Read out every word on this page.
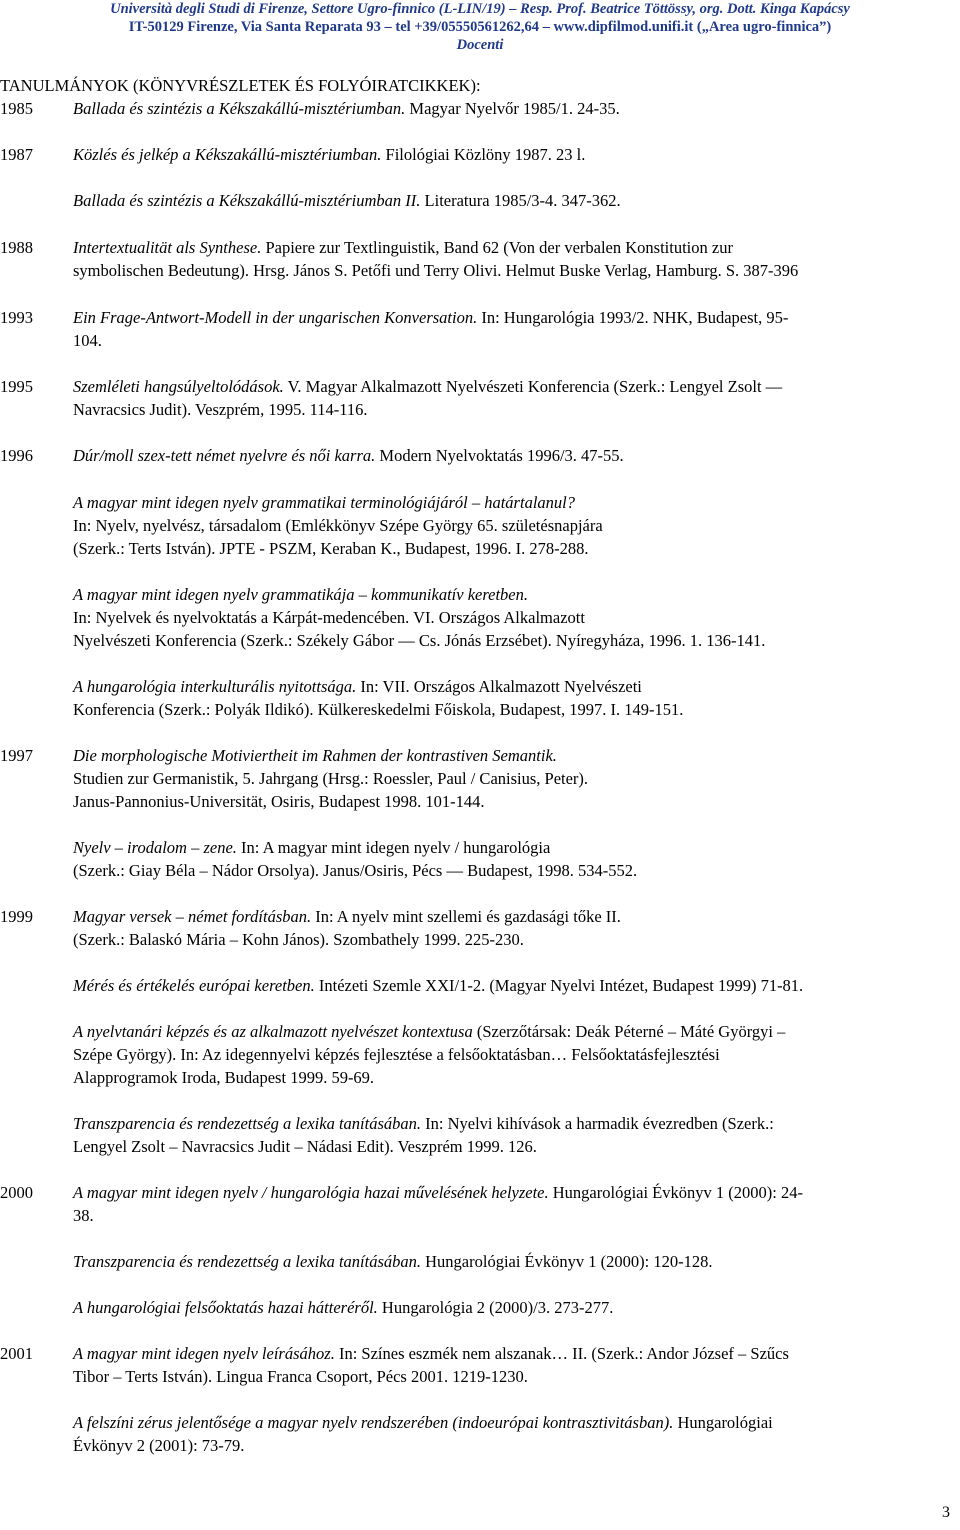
Università degli Studi di Firenze, Settore Ugro-finnico (L-LIN/19) – Resp. Prof. Beatrice Töttössy, org. Dott. Kinga Kapácsy
IT-50129 Firenze, Via Santa Reparata 93 – tel +39/05550561262,64 – www.dipfilmod.unifi.it („Area ugro-finnica”)
Docenti
TANULMÁNYOK (KÖNYVRÉSZLETEK ÉS FOLYÓIRATCIKKEK):
1985 Ballada és szintézis a Kékszakállú-misztériumban. Magyar Nyelvőr 1985/1. 24-35.
1987 Közlés és jelkép a Kékszakállú-misztériumban. Filológiai Közlöny 1987. 23 l.
Ballada és szintézis a Kékszakállú-misztériumban II. Literatura 1985/3-4. 347-362.
1988 Intertextualität als Synthese. Papiere zur Textlinguistik, Band 62 (Von der verbalen Konstitution zur
symbolischen Bedeutung). Hrsg. János S. Petőfi und Terry Olivi. Helmut Buske Verlag, Hamburg. S. 387-396
1993 Ein Frage-Antwort-Modell in der ungarischen Konversation. In: Hungarológia 1993/2. NHK, Budapest, 95-
104.
1995 Szemléleti hangsúlyeltolódások. V. Magyar Alkalmazott Nyelvészeti Konferencia (Szerk.: Lengyel Zsolt —
Navracsics Judit). Veszprém, 1995. 114-116.
1996 Dúr/moll szex-tett német nyelvre és női karra. Modern Nyelvoktatás 1996/3. 47-55.
A magyar mint idegen nyelv grammatikai terminológiájáról – határtalanul?
In: Nyelv, nyelvész, társadalom (Emlékkönyv Szépe György 65. születésnapjára
(Szerk.: Terts István). JPTE - PSZM, Keraban K., Budapest, 1996. I. 278-288.
A magyar mint idegen nyelv grammatikája – kommunikatív keretben.
In: Nyelvek és nyelvoktatás a Kárpát-medencében. VI. Országos Alkalmazott
Nyelvészeti Konferencia (Szerk.: Székely Gábor — Cs. Jónás Erzsébet). Nyíregyháza, 1996. 1. 136-141.
A hungarológia interkulturális nyitottsága. In: VII. Országos Alkalmazott Nyelvészeti
Konferencia (Szerk.: Polyák Ildikó). Külkereskedelmi Főiskola, Budapest, 1997. I. 149-151.
1997 Die morphologische Motiviertheit im Rahmen der kontrastiven Semantik.
Studien zur Germanistik, 5. Jahrgang (Hrsg.: Roessler, Paul / Canisius, Peter).
Janus-Pannonius-Universität, Osiris, Budapest 1998. 101-144.
Nyelv – irodalom – zene. In: A magyar mint idegen nyelv / hungarológia
(Szerk.: Giay Béla – Nádor Orsolya). Janus/Osiris, Pécs — Budapest, 1998. 534-552.
1999 Magyar versek – német fordításban. In: A nyelv mint szellemi és gazdasági tőke II.
(Szerk.: Balaskó Mária – Kohn János). Szombathely 1999. 225-230.
Mérés és értékelés európai keretben. Intézeti Szemle XXI/1-2. (Magyar Nyelvi Intézet, Budapest 1999) 71-81.
A nyelvtanári képzés és az alkalmazott nyelvészet kontextusa (Szerzőtársak: Deák Péterné – Máté Györgyi –
Szépe György). In: Az idegennyelvi képzés fejlesztése a felsőoktatásban… Felsőoktatásfejlesztési
Alapprogramok Iroda, Budapest 1999. 59-69.
Transzparencia és rendezettség a lexika tanításában. In: Nyelvi kihívások a harmadik évezredben (Szerk.:
Lengyel Zsolt – Navracsics Judit – Nádasi Edit). Veszprém 1999. 126.
2000 A magyar mint idegen nyelv / hungarológia hazai művelésének helyzete. Hungarológiai Évkönyv 1 (2000): 24-
38.
Transzparencia és rendezettség a lexika tanításában. Hungarológiai Évkönyv 1 (2000): 120-128.
A hungarológiai felsőoktatás hazai hátteréről. Hungarológia 2 (2000)/3. 273-277.
2001 A magyar mint idegen nyelv leírásához. In: Színes eszmék nem alszanak… II. (Szerk.: Andor József – Szűcs
Tibor – Terts István). Lingua Franca Csoport, Pécs 2001. 1219-1230.
A felszíni zérus jelentősége a magyar nyelv rendszerében (indoeurópai kontrasztivitásban). Hungarológiai
Évkönyv 2 (2001): 73-79.
3
